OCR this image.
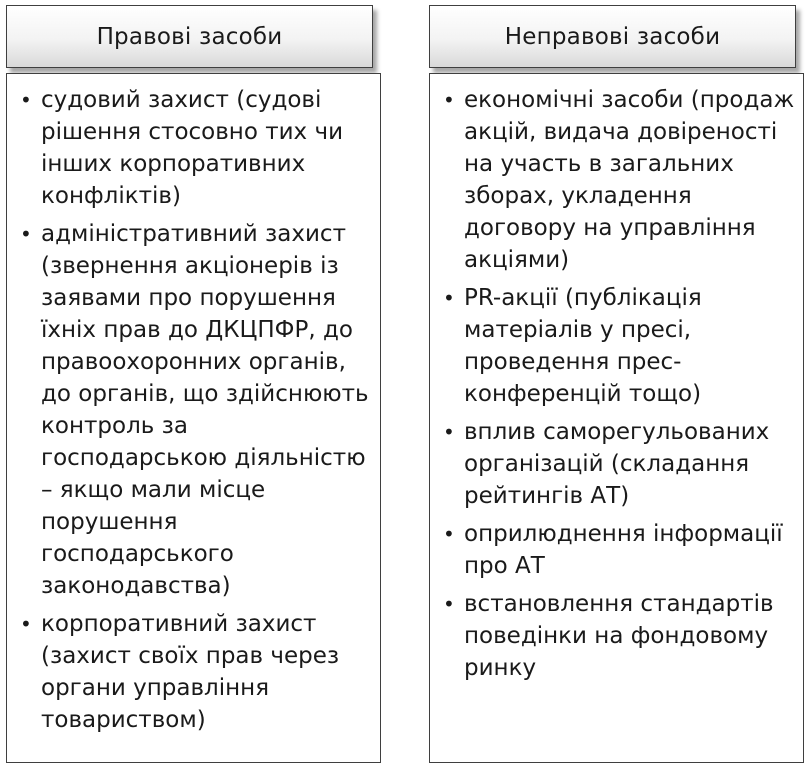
Правові засоби
• судовий захист (судові рішення стосовно тих чи інших корпоративних конфліктів)
• адміністративний захист (звернення акціонерів із заявами про порушення їхніх прав до ДКЦПФР, до правоохоронних органів, до органів, що здійснюють контроль за господарською діяльністю – якщо мали місце порушення господарського законодавства)
• корпоративний захист (захист своїх прав через органи управління товариством)
Неправові засоби
• економічні засоби (продаж акцій, видача довіреності на участь в загальних зборах, укладення договору на управління акціями)
• PR-акції (публікація матеріалів у пресі, проведення прес-конференцій тощо)
• вплив саморегульованих організацій (складання рейтингів АТ)
• оприлюднення інформації про АТ
• встановлення стандартів поведінки на фондовому ринку
